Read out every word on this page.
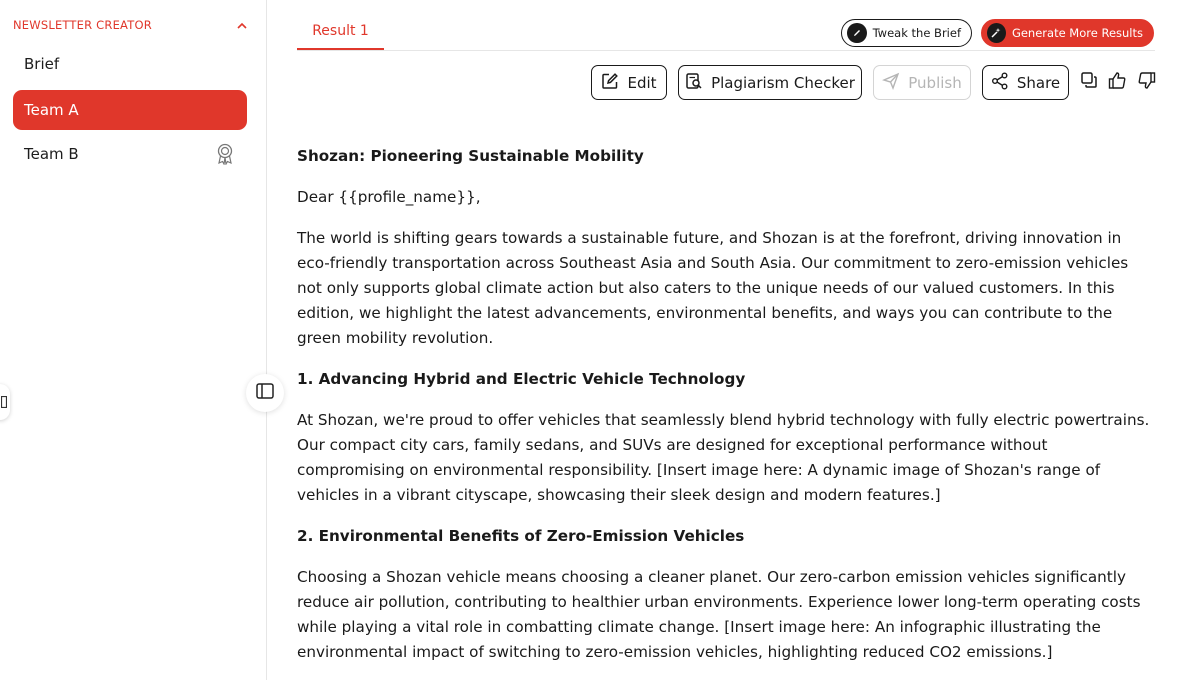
NEWSLETTER CREATOR
Brief
Team A
Team B
Result 1	Tweak the Brief	Generate More Results
Edit	Plagiarism Checker	Publish	Share
Shozan: Pioneering Sustainable Mobility

Dear {{profile_name}},

The world is shifting gears towards a sustainable future, and Shozan is at the forefront, driving innovation in eco-friendly transportation across Southeast Asia and South Asia. Our commitment to zero-emission vehicles not only supports global climate action but also caters to the unique needs of our valued customers. In this edition, we highlight the latest advancements, environmental benefits, and ways you can contribute to the green mobility revolution.

1. Advancing Hybrid and Electric Vehicle Technology

At Shozan, we're proud to offer vehicles that seamlessly blend hybrid technology with fully electric powertrains. Our compact city cars, family sedans, and SUVs are designed for exceptional performance without compromising on environmental responsibility. [Insert image here: A dynamic image of Shozan's range of vehicles in a vibrant cityscape, showcasing their sleek design and modern features.]

2. Environmental Benefits of Zero-Emission Vehicles

Choosing a Shozan vehicle means choosing a cleaner planet. Our zero-carbon emission vehicles significantly reduce air pollution, contributing to healthier urban environments. Experience lower long-term operating costs while playing a vital role in combatting climate change. [Insert image here: An infographic illustrating the environmental impact of switching to zero-emission vehicles, highlighting reduced CO2 emissions.]
